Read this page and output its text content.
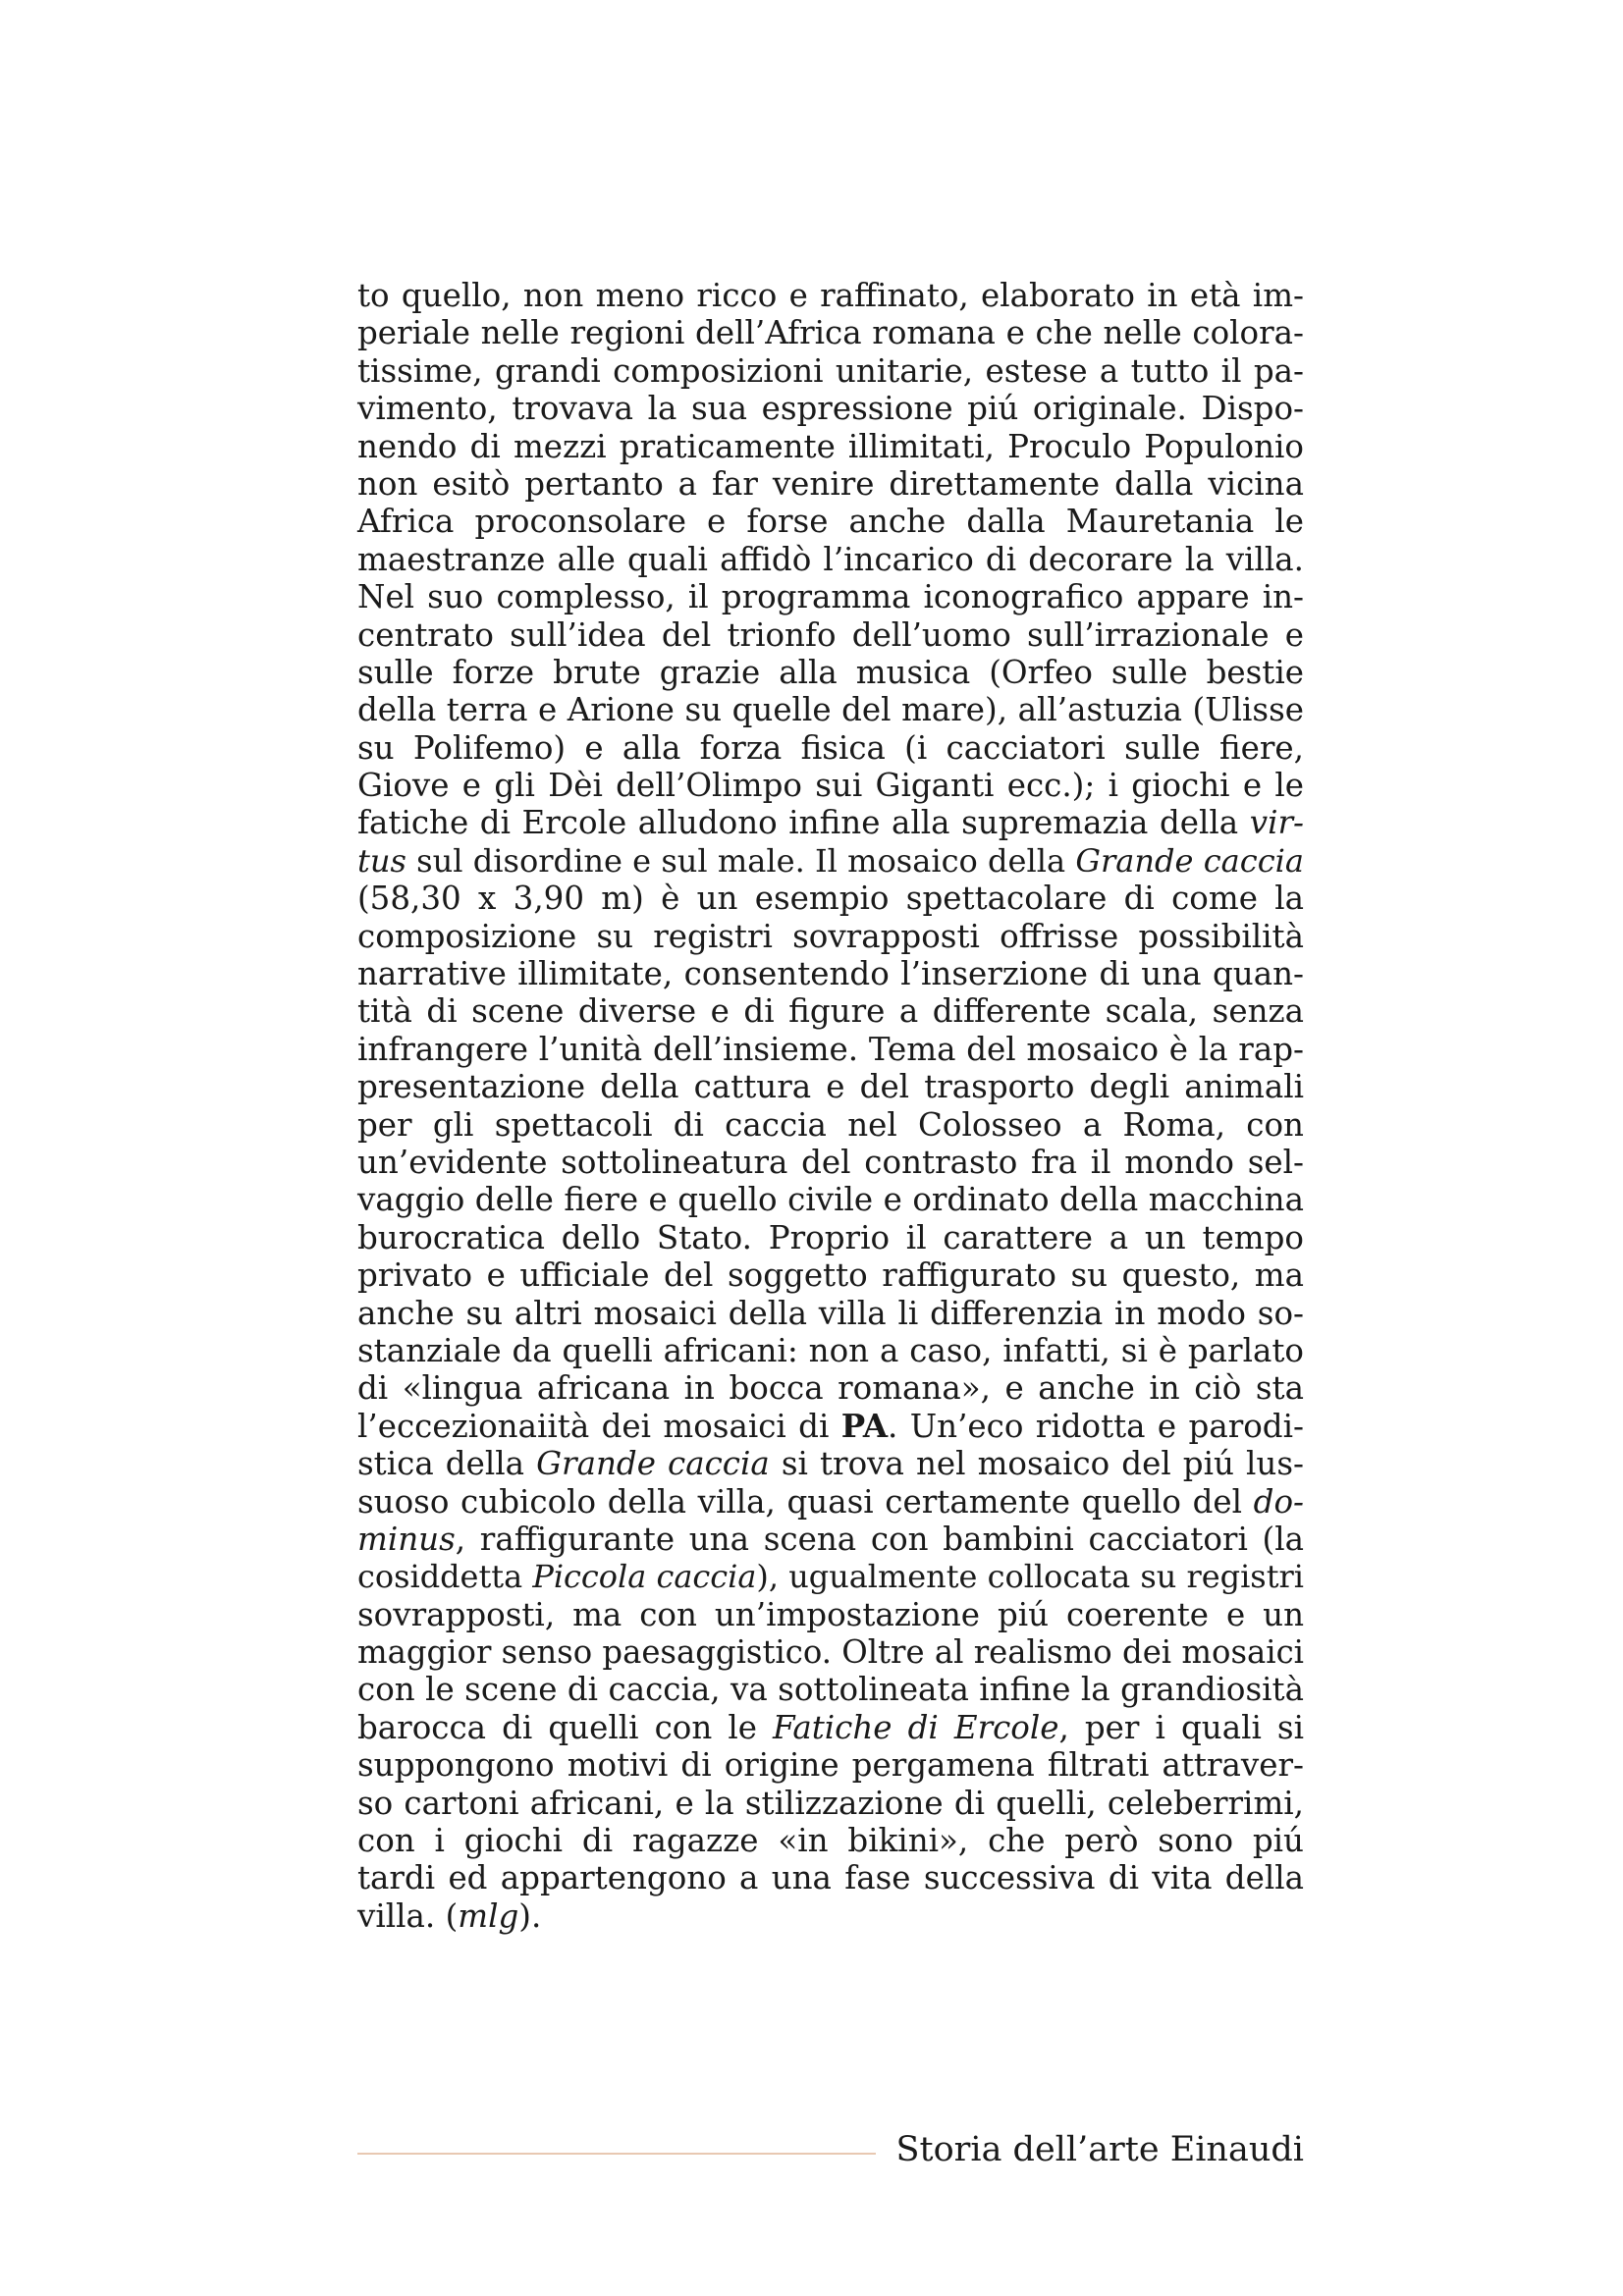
to quello, non meno ricco e raffinato, elaborato in età im-
periale nelle regioni dell’Africa romana e che nelle colora-
tissime, grandi composizioni unitarie, estese a tutto il pa-
vimento, trovava la sua espressione piú originale. Dispo-
nendo di mezzi praticamente illimitati, Proculo Populonio
non esitò pertanto a far venire direttamente dalla vicina
Africa proconsolare e forse anche dalla Mauretania le
maestranze alle quali affidò l’incarico di decorare la villa.
Nel suo complesso, il programma iconografico appare in-
centrato sull’idea del trionfo dell’uomo sull’irrazionale e
sulle forze brute grazie alla musica (Orfeo sulle bestie
della terra e Arione su quelle del mare), all’astuzia (Ulisse
su Polifemo) e alla forza fisica (i cacciatori sulle fiere,
Giove e gli Dèi dell’Olimpo sui Giganti ecc.); i giochi e le
fatiche di Ercole alludono infine alla supremazia della vir-
tus sul disordine e sul male. Il mosaico della Grande caccia
(58,30 x 3,90 m) è un esempio spettacolare di come la
composizione su registri sovrapposti offrisse possibilità
narrative illimitate, consentendo l’inserzione di una quan-
tità di scene diverse e di figure a differente scala, senza
infrangere l’unità dell’insieme. Tema del mosaico è la rap-
presentazione della cattura e del trasporto degli animali
per gli spettacoli di caccia nel Colosseo a Roma, con
un’evidente sottolineatura del contrasto fra il mondo sel-
vaggio delle fiere e quello civile e ordinato della macchina
burocratica dello Stato. Proprio il carattere a un tempo
privato e ufficiale del soggetto raffigurato su questo, ma
anche su altri mosaici della villa li differenzia in modo so-
stanziale da quelli africani: non a caso, infatti, si è parlato
di «lingua africana in bocca romana», e anche in ciò sta
l’eccezionaiità dei mosaici di PA. Un’eco ridotta e parodi-
stica della Grande caccia si trova nel mosaico del piú lus-
suoso cubicolo della villa, quasi certamente quello del do-
minus, raffigurante una scena con bambini cacciatori (la
cosiddetta Piccola caccia), ugualmente collocata su registri
sovrapposti, ma con un’impostazione piú coerente e un
maggior senso paesaggistico. Oltre al realismo dei mosaici
con le scene di caccia, va sottolineata infine la grandiosità
barocca di quelli con le Fatiche di Ercole, per i quali si
suppongono motivi di origine pergamena filtrati attraver-
so cartoni africani, e la stilizzazione di quelli, celeberrimi,
con i giochi di ragazze «in bikini», che però sono piú
tardi ed appartengono a una fase successiva di vita della
villa. (mlg).
Storia dell’arte Einaudi
